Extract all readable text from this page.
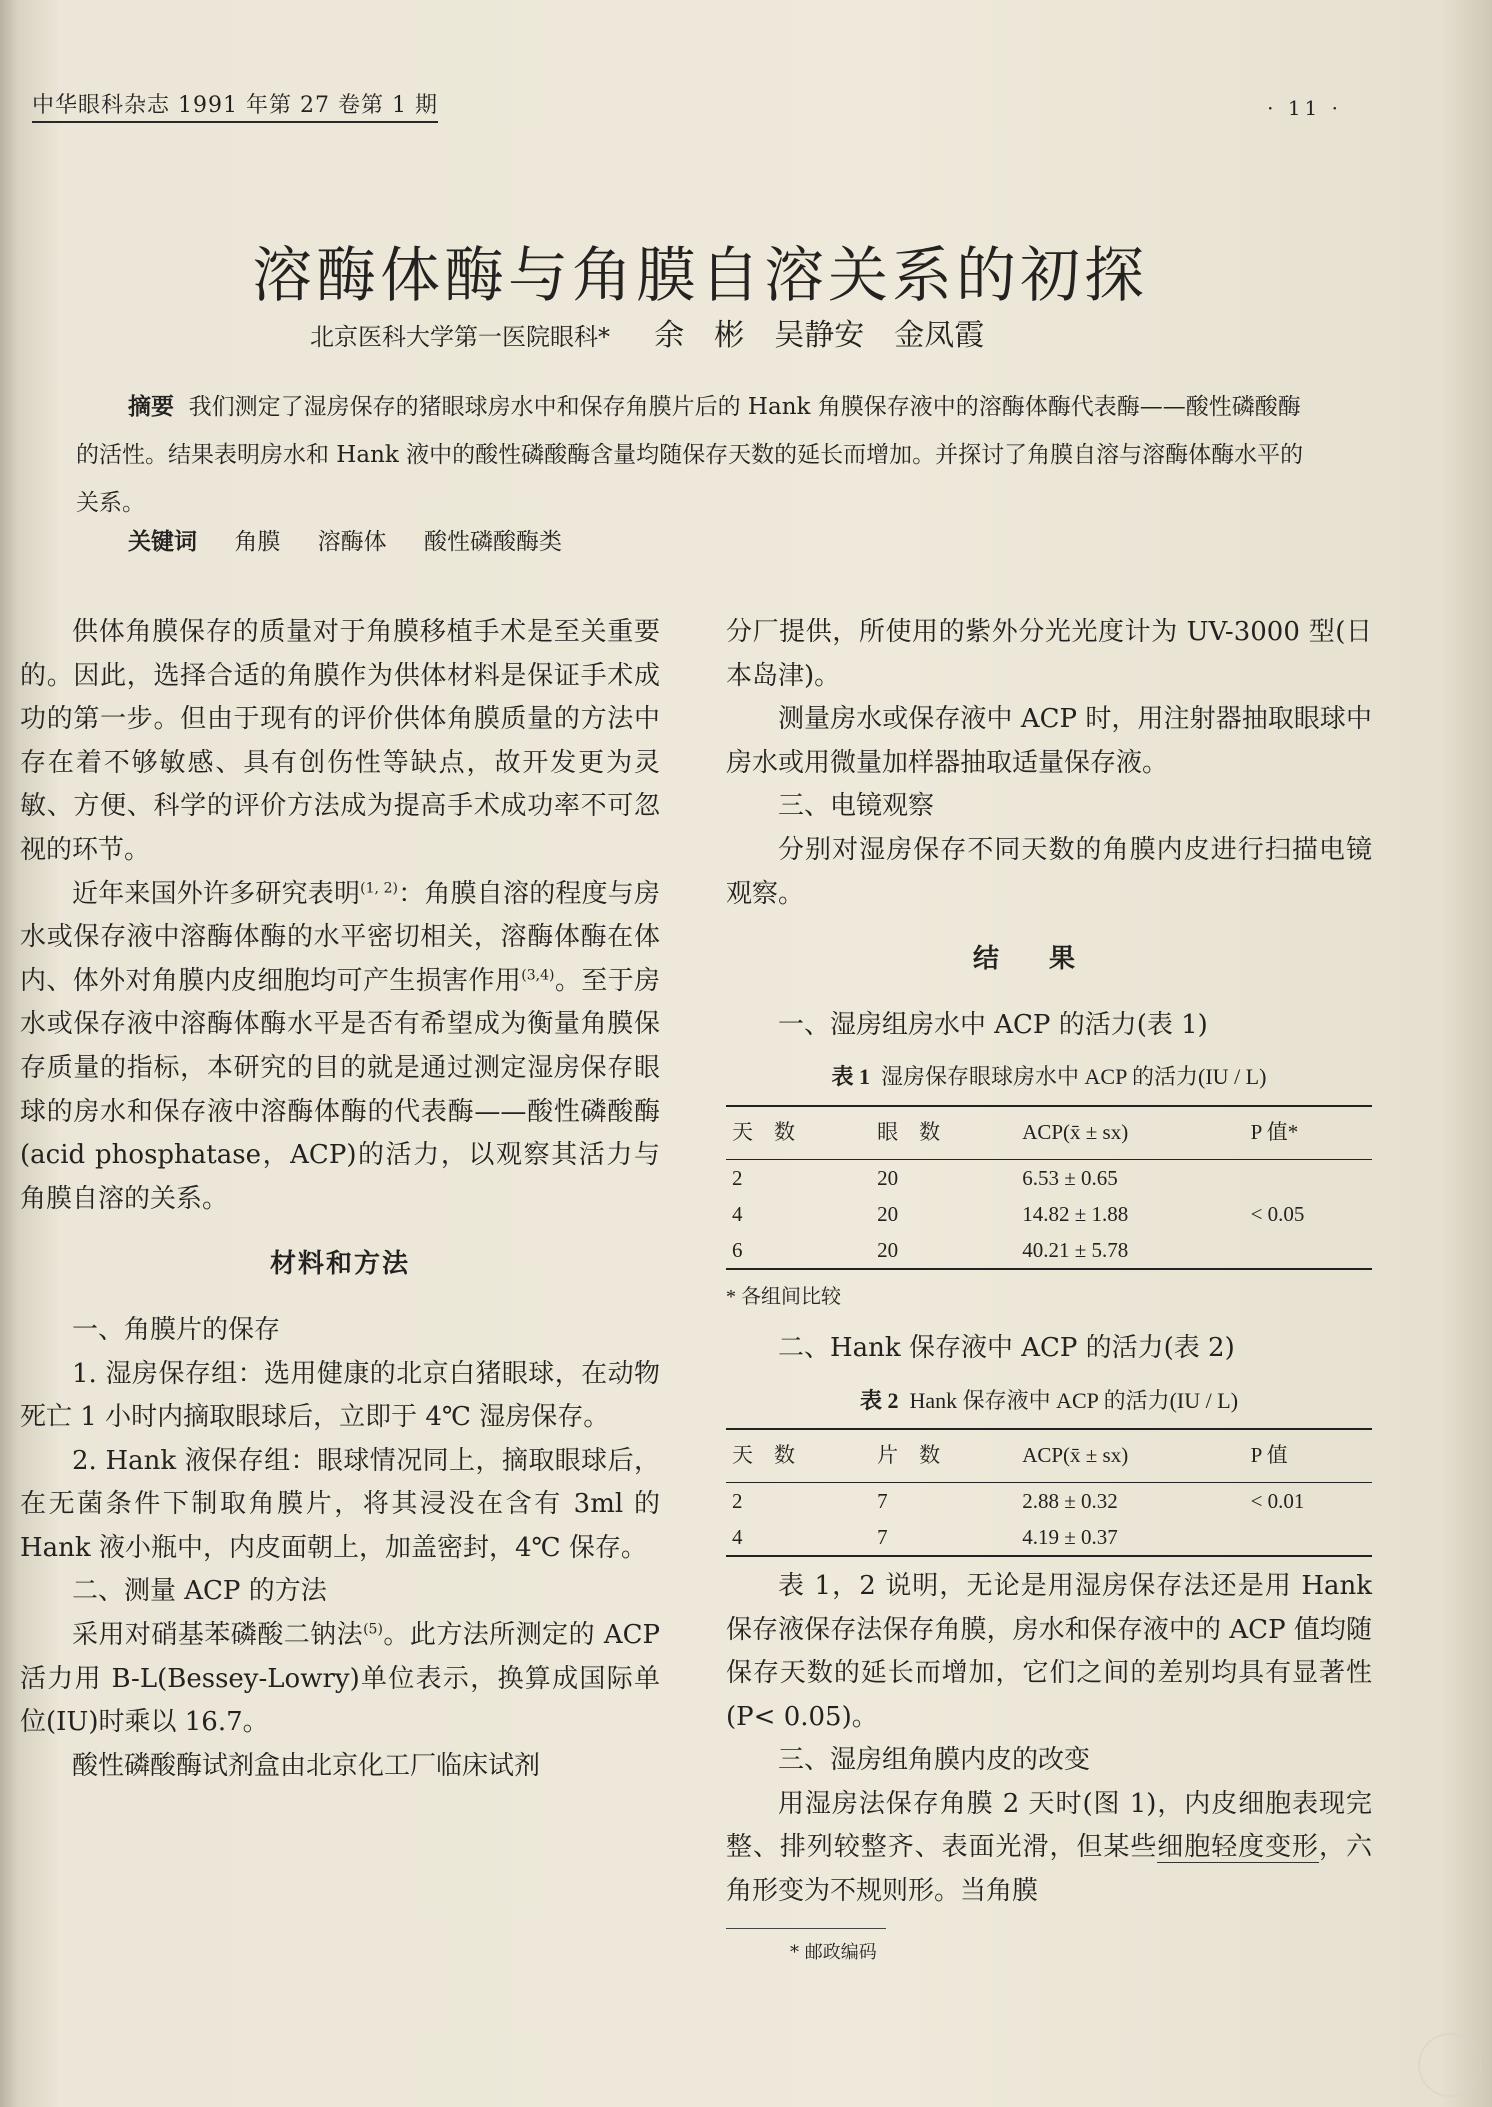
中华眼科杂志 1991 年第 27 卷第 1 期	· 11 ·
溶酶体酶与角膜自溶关系的初探
北京医科大学第一医院眼科* 余　彬　吴静安　金凤霞
摘要 我们测定了湿房保存的猪眼球房水中和保存角膜片后的 Hank 角膜保存液中的溶酶体酶代表酶——酸性磷酸酶的活性。结果表明房水和 Hank 液中的酸性磷酸酶含量均随保存天数的延长而增加。并探讨了角膜自溶与溶酶体酶水平的关系。
关键词 角膜 溶酶体 酸性磷酸酶类

供体角膜保存的质量对于角膜移植手术是至关重要的。因此，选择合适的角膜作为供体材料是保证手术成功的第一步。但由于现有的评价供体角膜质量的方法中存在着不够敏感、具有创伤性等缺点，故开发更为灵敏、方便、科学的评价方法成为提高手术成功率不可忽视的环节。

近年来国外许多研究表明$^{(1, 2)}$：角膜自溶的程度与房水或保存液中溶酶体酶的水平密切相关，溶酶体酶在体内、体外对角膜内皮细胞均可产生损害作用$^{(3,4)}$。至于房水或保存液中溶酶体酶水平是否有希望成为衡量角膜保存质量的指标，本研究的目的就是通过测定湿房保存眼球的房水和保存液中溶酶体酶的代表酶——酸性磷酸酶(acid phosphatase，ACP)的活力，以观察其活力与角膜自溶的关系。

材料和方法

一、角膜片的保存

1. 湿房保存组：选用健康的北京白猪眼球，在动物死亡 1 小时内摘取眼球后，立即于 4℃ 湿房保存。

2. Hank 液保存组：眼球情况同上，摘取眼球后，在无菌条件下制取角膜片，将其浸没在含有 3ml 的 Hank 液小瓶中，内皮面朝上，加盖密封，4℃ 保存。

二、测量 ACP 的方法

采用对硝基苯磷酸二钠法$^{(5)}$。此方法所测定的 ACP 活力用 B-L(Bessey-Lowry)单位表示，换算成国际单位(IU)时乘以 16.7。

酸性磷酸酶试剂盒由北京化工厂临床试剂

分厂提供，所使用的紫外分光光度计为 UV-3000 型(日本岛津)。

测量房水或保存液中 ACP 时，用注射器抽取眼球中房水或用微量加样器抽取适量保存液。

三、电镜观察

分别对湿房保存不同天数的角膜内皮进行扫描电镜观察。

结果

一、湿房组房水中 ACP 的活力(表 1)

表 1 湿房保存眼球房水中 ACP 的活力(IU / L)
天　数	眼　数	ACP(x̄ ± sx)	P 值*
2	20	6.53 ± 0.65	
4	20	14.82 ± 1.88	< 0.05
6	20	40.21 ± 5.78	

* 各组间比较

二、Hank 保存液中 ACP 的活力(表 2)

表 2 Hank 保存液中 ACP 的活力(IU / L)
天　数	片　数	ACP(x̄ ± sx)	P 值
2	7	2.88 ± 0.32	< 0.01
4	7	4.19 ± 0.37	

表 1，2 说明，无论是用湿房保存法还是用 Hank 保存液保存法保存角膜，房水和保存液中的 ACP 值均随保存天数的延长而增加，它们之间的差别均具有显著性(P< 0.05)。

三、湿房组角膜内皮的改变

用湿房法保存角膜 2 天时(图 1)，内皮细胞表现完整、排列较整齐、表面光滑，但某些细胞轻度变形，六角形变为不规则形。当角膜

* 邮政编码
